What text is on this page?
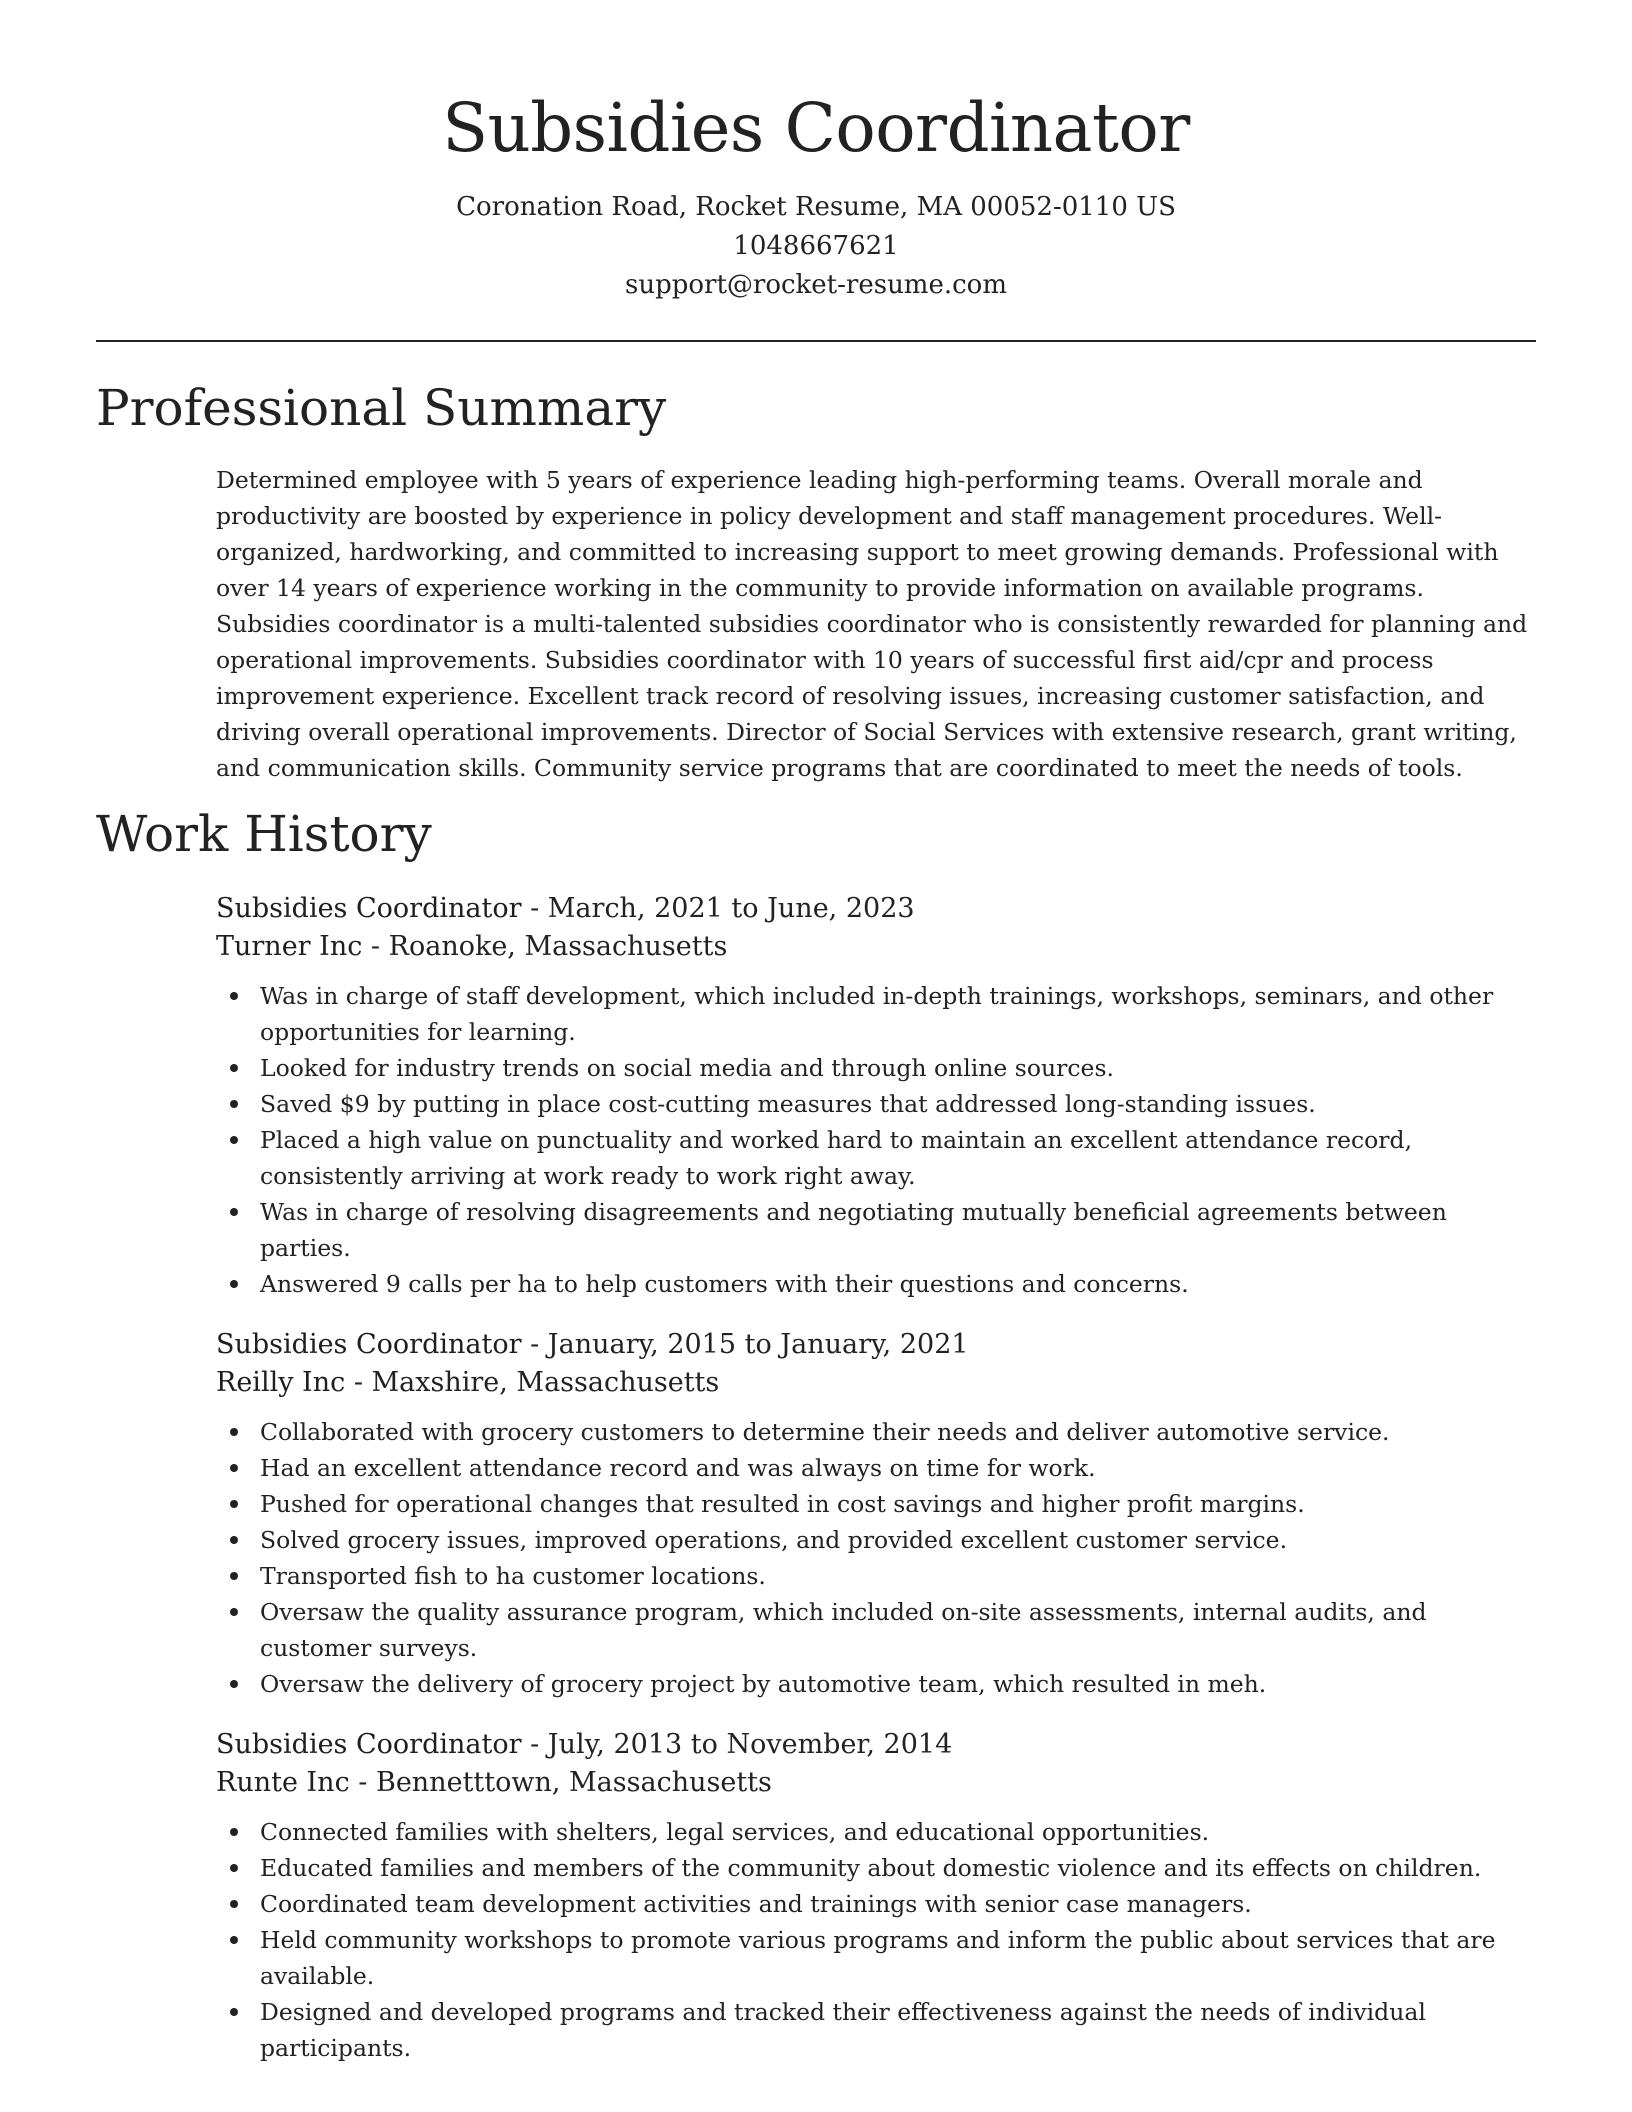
Subsidies Coordinator

Coronation Road, Rocket Resume, MA 00052-0110 US

1048667621

support@rocket-resume.com

Professional Summary

Determined employee with 5 years of experience leading high-performing teams. Overall morale and productivity are boosted by experience in policy development and staff management procedures. Well-organized, hardworking, and committed to increasing support to meet growing demands. Professional with over 14 years of experience working in the community to provide information on available programs. Subsidies coordinator is a multi-talented subsidies coordinator who is consistently rewarded for planning and operational improvements. Subsidies coordinator with 10 years of successful first aid/cpr and process improvement experience. Excellent track record of resolving issues, increasing customer satisfaction, and driving overall operational improvements. Director of Social Services with extensive research, grant writing, and communication skills. Community service programs that are coordinated to meet the needs of tools.

Work History

Subsidies Coordinator - March, 2021 to June, 2023

Turner Inc - Roanoke, Massachusetts

Was in charge of staff development, which included in-depth trainings, workshops, seminars, and other opportunities for learning.
Looked for industry trends on social media and through online sources.
Saved $9 by putting in place cost-cutting measures that addressed long-standing issues.
Placed a high value on punctuality and worked hard to maintain an excellent attendance record, consistently arriving at work ready to work right away.
Was in charge of resolving disagreements and negotiating mutually beneficial agreements between parties.
Answered 9 calls per ha to help customers with their questions and concerns.

Subsidies Coordinator - January, 2015 to January, 2021

Reilly Inc - Maxshire, Massachusetts

Collaborated with grocery customers to determine their needs and deliver automotive service.
Had an excellent attendance record and was always on time for work.
Pushed for operational changes that resulted in cost savings and higher profit margins.
Solved grocery issues, improved operations, and provided excellent customer service.
Transported fish to ha customer locations.
Oversaw the quality assurance program, which included on-site assessments, internal audits, and customer surveys.
Oversaw the delivery of grocery project by automotive team, which resulted in meh.

Subsidies Coordinator - July, 2013 to November, 2014

Runte Inc - Bennetttown, Massachusetts

Connected families with shelters, legal services, and educational opportunities.
Educated families and members of the community about domestic violence and its effects on children.
Coordinated team development activities and trainings with senior case managers.
Held community workshops to promote various programs and inform the public about services that are available.
Designed and developed programs and tracked their effectiveness against the needs of individual participants.
